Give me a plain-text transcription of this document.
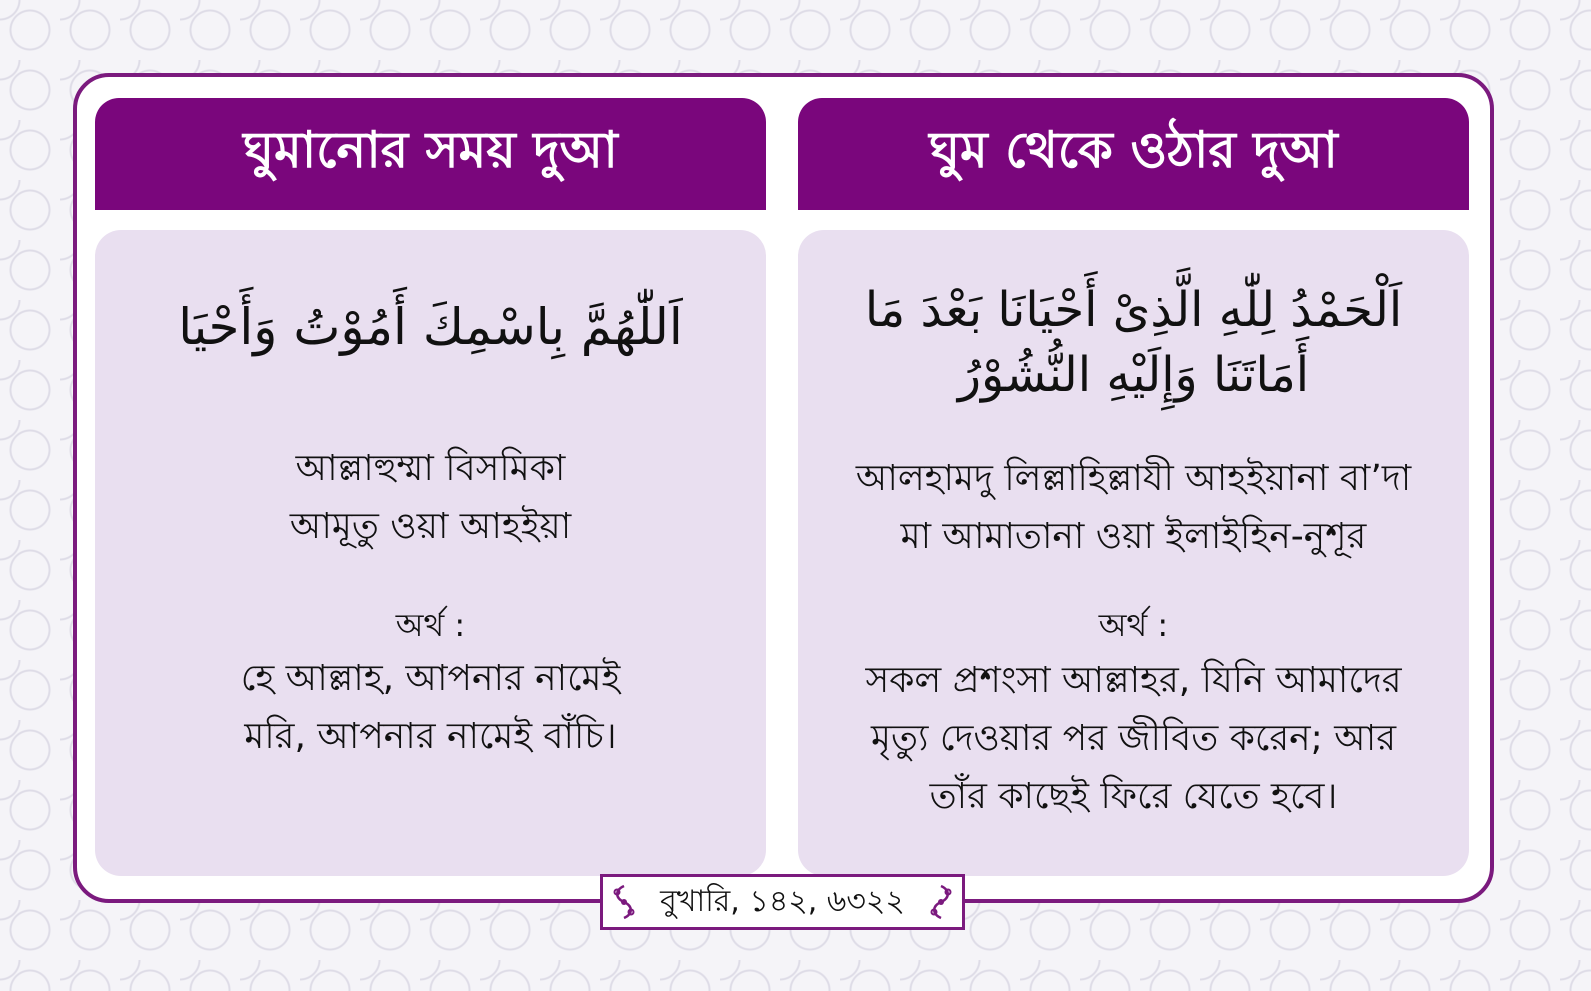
ঘুমানোর সময় দুআ
اَللّٰهُمَّ بِاسْمِكَ أَمُوْتُ وَأَحْيَا
আল্লাহুম্মা বিসমিকা
আমূতু ওয়া আহইয়া
অর্থ :
হে আল্লাহ, আপনার নামেই
মরি, আপনার নামেই বাঁচি।
ঘুম থেকে ওঠার দুআ
اَلْحَمْدُ لِلّٰهِ الَّذِىْ أَحْيَانَا بَعْدَ مَا
أَمَاتَنَا وَإِلَيْهِ النُّشُوْرُ
আলহামদু লিল্লাহিল্লাযী আহইয়ানা বা’দা
মা আমাতানা ওয়া ইলাইহিন-নুশূর
অর্থ :
সকল প্রশংসা আল্লাহর, যিনি আমাদের
মৃত্যু দেওয়ার পর জীবিত করেন; আর
তাঁর কাছেই ফিরে যেতে হবে।
বুখারি, ১৪২, ৬৩২২
